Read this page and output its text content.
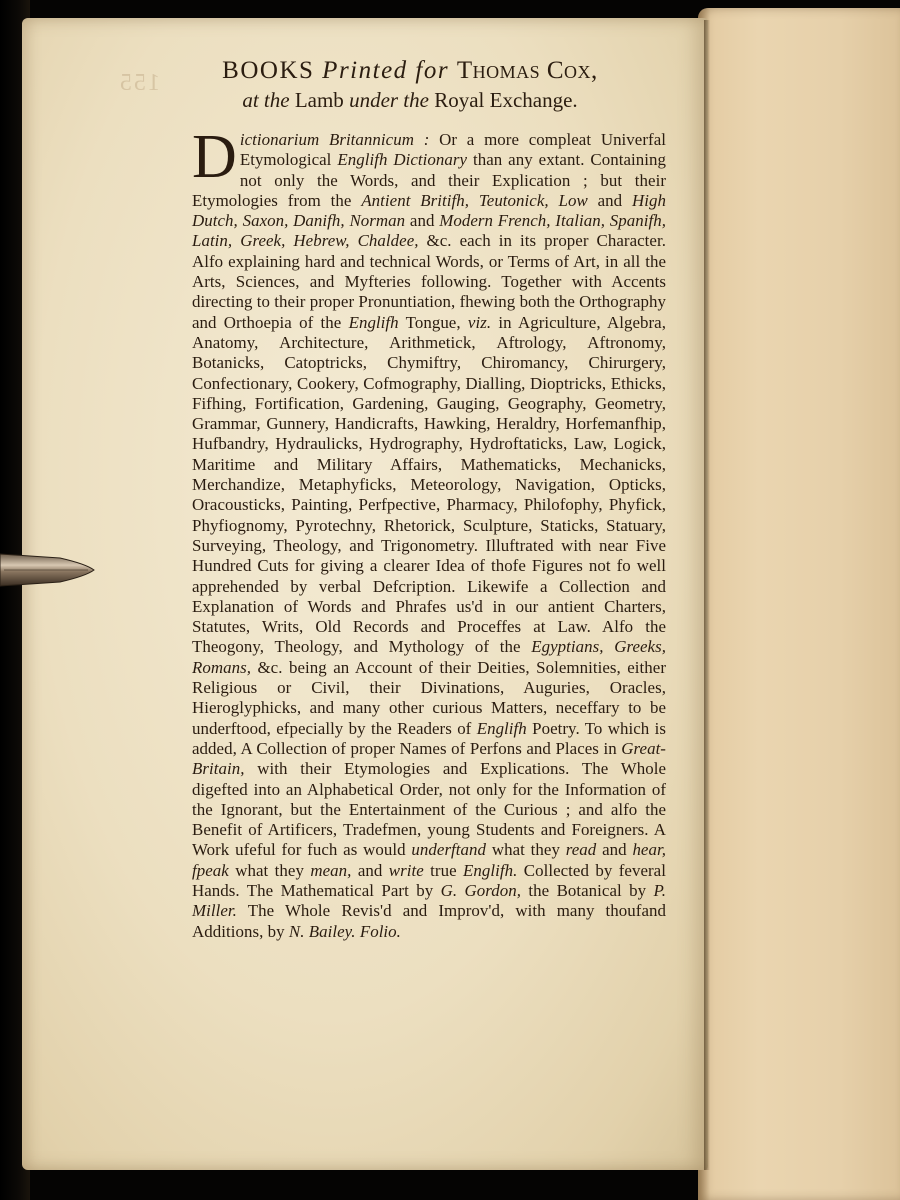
155	BOOKS Printed for Thomas Cox,
at the Lamb under the Royal Exchange.
Dictionarium Britannicum : Or a more compleat Univerfal Etymological Englifh Dictionary than any extant. Containing not only the Words, and their Explication ; but their Etymologies from the Antient Britifh, Teutonick, Low and High Dutch, Saxon, Danifh, Norman and Modern French, Italian, Spanifh, Latin, Greek, Hebrew, Chaldee, &c. each in its proper Character. Alfo explaining hard and technical Words, or Terms of Art, in all the Arts, Sciences, and Myfteries following. Together with Accents directing to their proper Pronuntiation, fhewing both the Orthography and Orthoepia of the Englifh Tongue, viz. in Agriculture, Algebra, Anatomy, Architecture, Arithmetick, Aftrology, Aftronomy, Botanicks, Catoptricks, Chymiftry, Chiromancy, Chirurgery, Confectionary, Cookery, Cofmography, Dialling, Dioptricks, Ethicks, Fifhing, Fortification, Gardening, Gauging, Geography, Geometry, Grammar, Gunnery, Handicrafts, Hawking, Heraldry, Horfemanfhip, Hufbandry, Hydraulicks, Hydrography, Hydroftaticks, Law, Logick, Maritime and Military Affairs, Mathematicks, Mechanicks, Merchandize, Metaphyficks, Meteorology, Navigation, Opticks, Oracousticks, Painting, Perfpective, Pharmacy, Philofophy, Phyfick, Phyfiognomy, Pyrotechny, Rhetorick, Sculpture, Staticks, Statuary, Surveying, Theology, and Trigonometry. Illuftrated with near Five Hundred Cuts for giving a clearer Idea of thofe Figures not fo well apprehended by verbal Defcription. Likewife a Collection and Explanation of Words and Phrafes us'd in our antient Charters, Statutes, Writs, Old Records and Proceffes at Law. Alfo the Theogony, Theology, and Mythology of the Egyptians, Greeks, Romans, &c. being an Account of their Deities, Solemnities, either Religious or Civil, their Divinations, Auguries, Oracles, Hieroglyphicks, and many other curious Matters, neceffary to be underftood, efpecially by the Readers of Englifh Poetry. To which is added, A Collection of proper Names of Perfons and Places in Great-Britain, with their Etymologies and Explications. The Whole digefted into an Alphabetical Order, not only for the Information of the Ignorant, but the Entertainment of the Curious ; and alfo the Benefit of Artificers, Tradefmen, young Students and Foreigners. A Work ufeful for fuch as would underftand what they read and hear, fpeak what they mean, and write true Englifh. Collected by feveral Hands. The Mathematical Part by G. Gordon, the Botanical by P. Miller. The Whole Revis'd and Improv'd, with many thoufand Additions, by N. Bailey. Folio.
